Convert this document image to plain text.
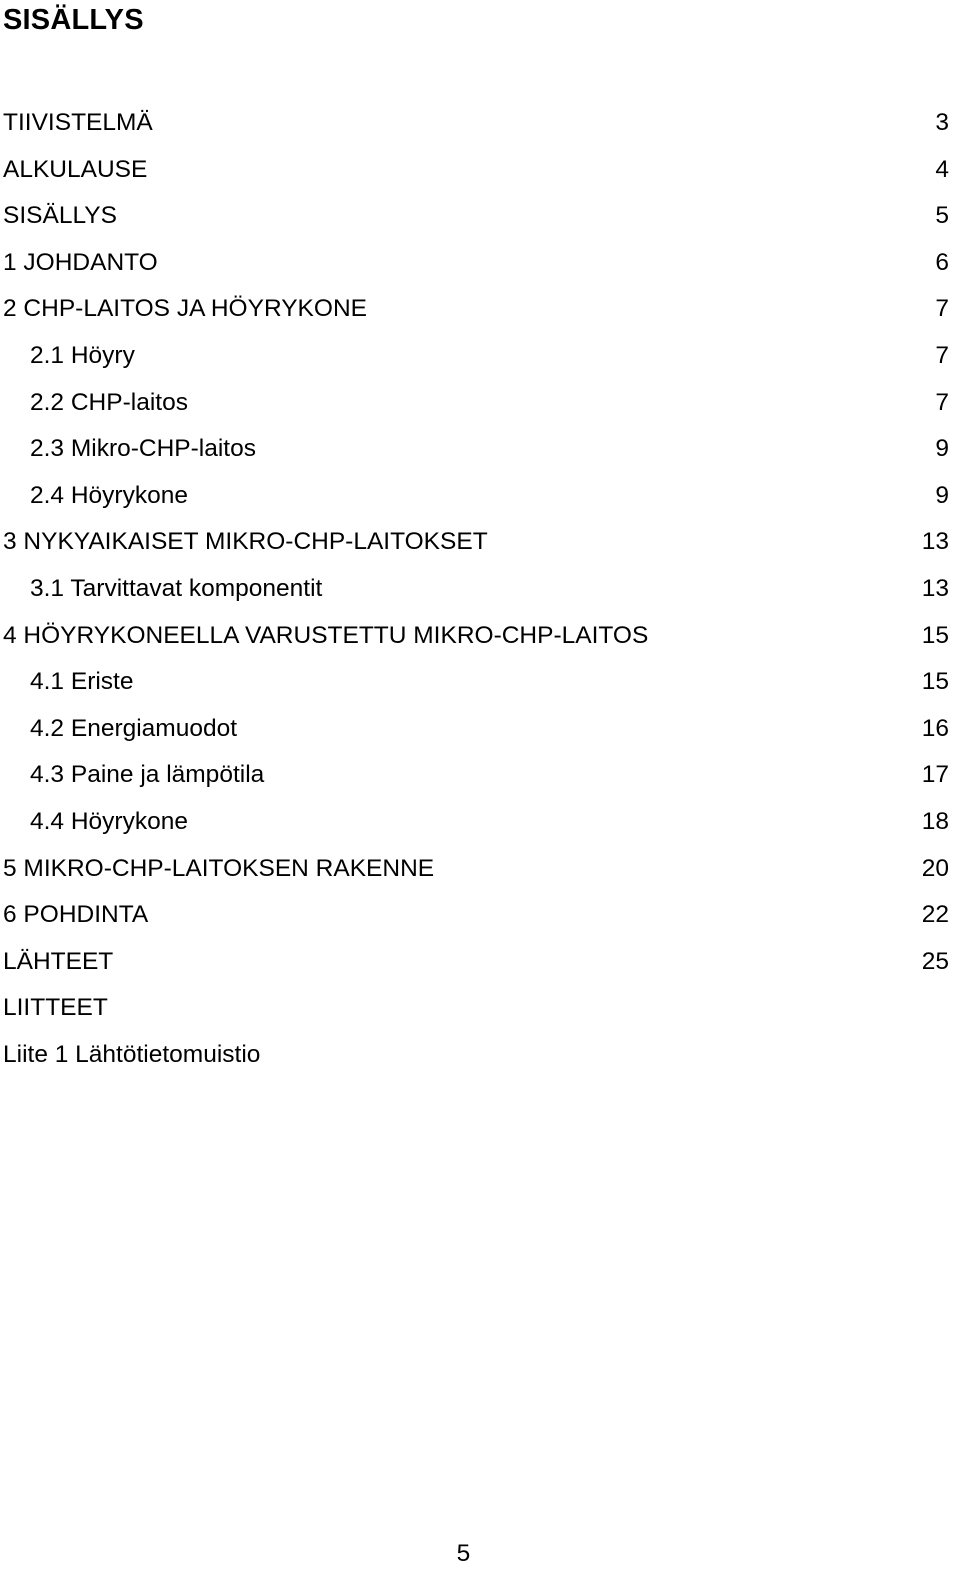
SISÄLLYS
TIIVISTELMÄ	3
ALKULAUSE	4
SISÄLLYS	5
1 JOHDANTO	6
2 CHP-LAITOS JA HÖYRYKONE	7
2.1 Höyry	7
2.2 CHP-laitos	7
2.3 Mikro-CHP-laitos	9
2.4 Höyrykone	9
3 NYKYAIKAISET MIKRO-CHP-LAITOKSET	13
3.1 Tarvittavat komponentit	13
4 HÖYRYKONEELLA VARUSTETTU MIKRO-CHP-LAITOS	15
4.1 Eriste	15
4.2 Energiamuodot	16
4.3 Paine ja lämpötila	17
4.4 Höyrykone	18
5 MIKRO-CHP-LAITOKSEN RAKENNE	20
6 POHDINTA	22
LÄHTEET	25
LIITTEET
Liite 1 Lähtötietomuistio
5
